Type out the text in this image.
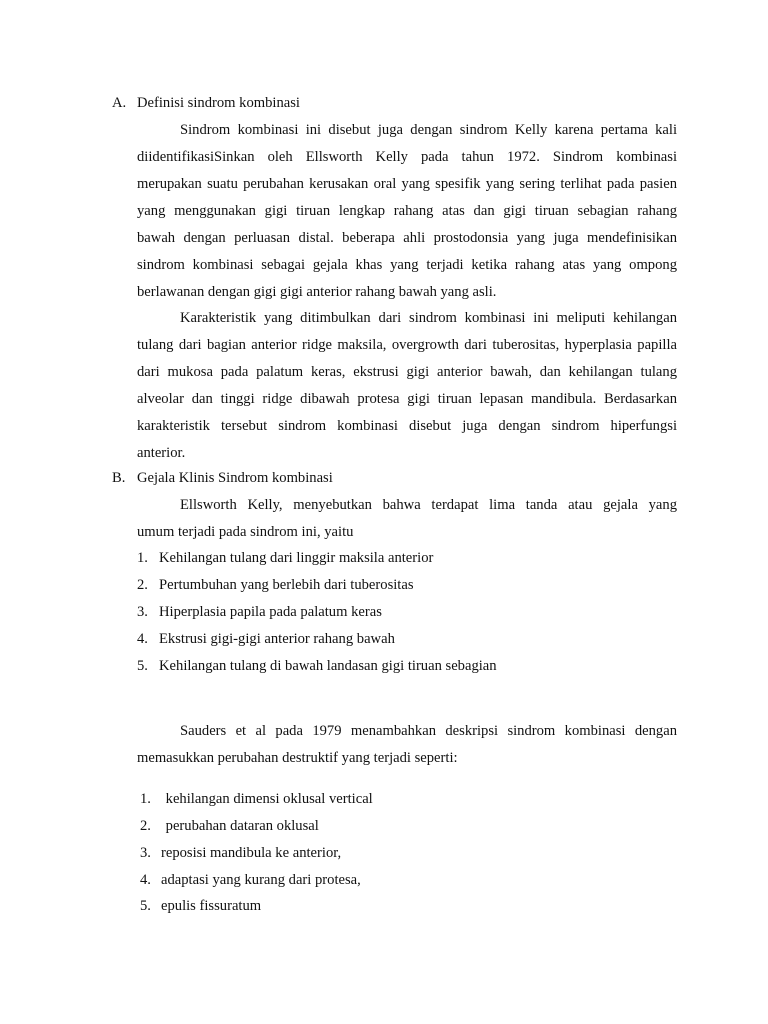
A. Definisi sindrom kombinasi
Sindrom kombinasi ini disebut juga dengan sindrom Kelly karena pertama kali
diidentifikasiSinkan oleh Ellsworth Kelly pada tahun 1972. Sindrom kombinasi
merupakan suatu perubahan kerusakan oral yang spesifik yang sering terlihat pada pasien
yang menggunakan gigi tiruan lengkap rahang atas dan gigi tiruan sebagian rahang
bawah dengan perluasan distal. beberapa ahli prostodonsia yang juga mendefinisikan
sindrom kombinasi sebagai gejala khas yang terjadi ketika rahang atas yang ompong
berlawanan dengan gigi gigi anterior rahang bawah yang asli.
Karakteristik yang ditimbulkan dari sindrom kombinasi ini meliputi kehilangan
tulang dari bagian anterior ridge maksila, overgrowth dari tuberositas, hyperplasia papilla
dari mukosa pada palatum keras, ekstrusi gigi anterior bawah, dan kehilangan tulang
alveolar dan tinggi ridge dibawah protesa gigi tiruan lepasan mandibula. Berdasarkan
karakteristik tersebut sindrom kombinasi disebut juga dengan sindrom hiperfungsi
anterior.
B. Gejala Klinis Sindrom kombinasi
Ellsworth Kelly, menyebutkan bahwa terdapat lima tanda atau gejala yang
umum terjadi pada sindrom ini, yaitu
1. Kehilangan tulang dari linggir maksila anterior
2. Pertumbuhan yang berlebih dari tuberositas
3. Hiperplasia papila pada palatum keras
4. Ekstrusi gigi-gigi anterior rahang bawah
5. Kehilangan tulang di bawah landasan gigi tiruan sebagian
Sauders et al pada 1979 menambahkan deskripsi sindrom kombinasi dengan
memasukkan perubahan destruktif yang terjadi seperti:
1. kehilangan dimensi oklusal vertical
2. perubahan dataran oklusal
3. reposisi mandibula ke anterior,
4. adaptasi yang kurang dari protesa,
5. epulis fissuratum
